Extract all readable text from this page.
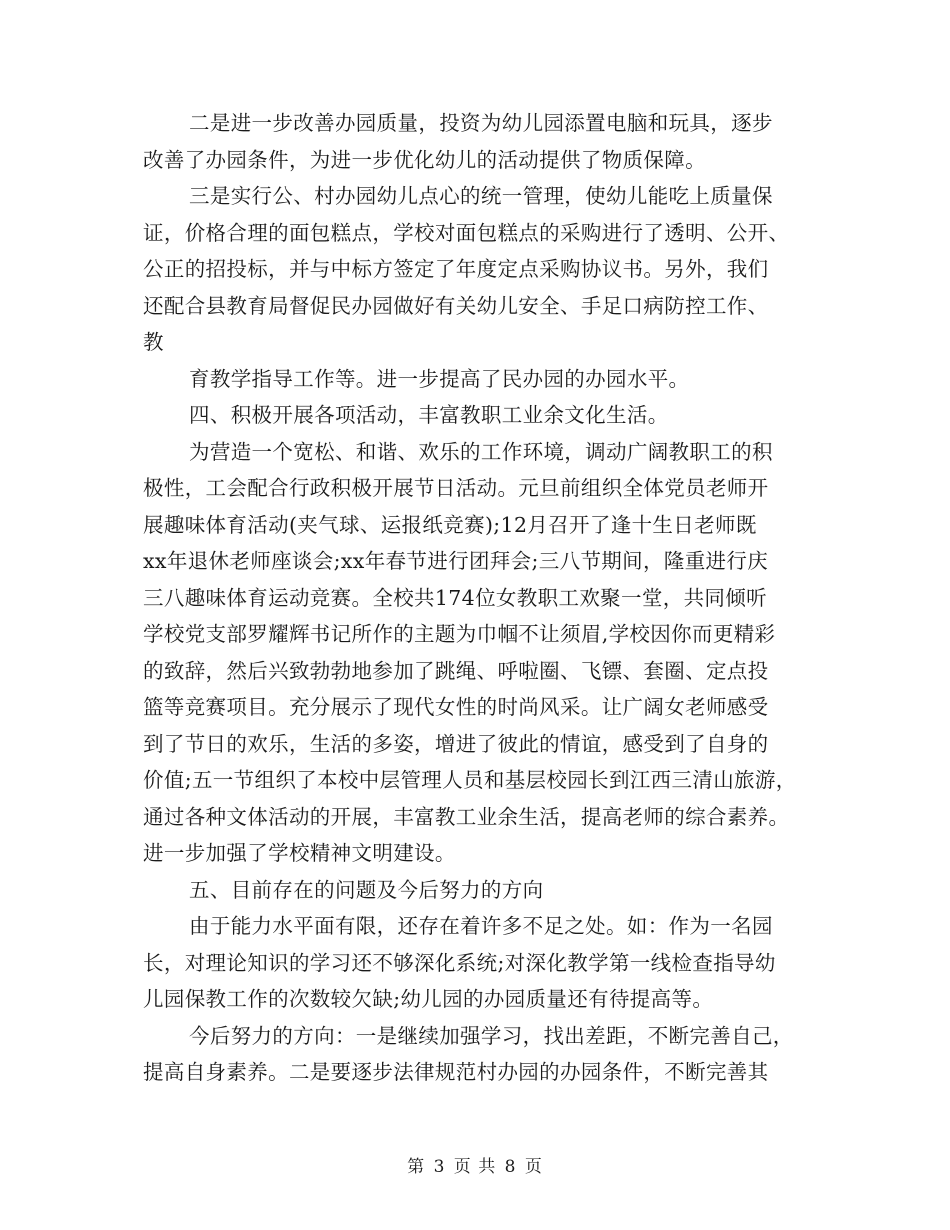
二是进一步改善办园质量，投资为幼儿园添置电脑和玩具，逐步
改善了办园条件，为进一步优化幼儿的活动提供了物质保障。
三是实行公、村办园幼儿点心的统一管理，使幼儿能吃上质量保
证，价格合理的面包糕点，学校对面包糕点的采购进行了透明、公开、
公正的招投标，并与中标方签定了年度定点采购协议书。另外，我们
还配合县教育局督促民办园做好有关幼儿安全、手足口病防控工作、
教
育教学指导工作等。进一步提高了民办园的办园水平。
四、积极开展各项活动，丰富教职工业余文化生活。
为营造一个宽松、和谐、欢乐的工作环境，调动广阔教职工的积
极性，工会配合行政积极开展节日活动。元旦前组织全体党员老师开
展趣味体育活动(夹气球、运报纸竞赛);12月召开了逢十生日老师既
xx年退休老师座谈会;xx年春节进行团拜会;三八节期间，隆重进行庆
三八趣味体育运动竞赛。全校共174位女教职工欢聚一堂，共同倾听
学校党支部罗耀辉书记所作的主题为巾帼不让须眉,学校因你而更精彩
的致辞，然后兴致勃勃地参加了跳绳、呼啦圈、飞镖、套圈、定点投
篮等竞赛项目。充分展示了现代女性的时尚风采。让广阔女老师感受
到了节日的欢乐，生活的多姿，增进了彼此的情谊，感受到了自身的
价值;五一节组织了本校中层管理人员和基层校园长到江西三清山旅游，
通过各种文体活动的开展，丰富教工业余生活，提高老师的综合素养。
进一步加强了学校精神文明建设。
五、目前存在的问题及今后努力的方向
由于能力水平面有限，还存在着许多不足之处。如：作为一名园
长，对理论知识的学习还不够深化系统;对深化教学第一线检查指导幼
儿园保教工作的次数较欠缺;幼儿园的办园质量还有待提高等。
今后努力的方向：一是继续加强学习，找出差距，不断完善自己，
提高自身素养。二是要逐步法律规范村办园的办园条件，不断完善其
第 3 页 共 8 页
